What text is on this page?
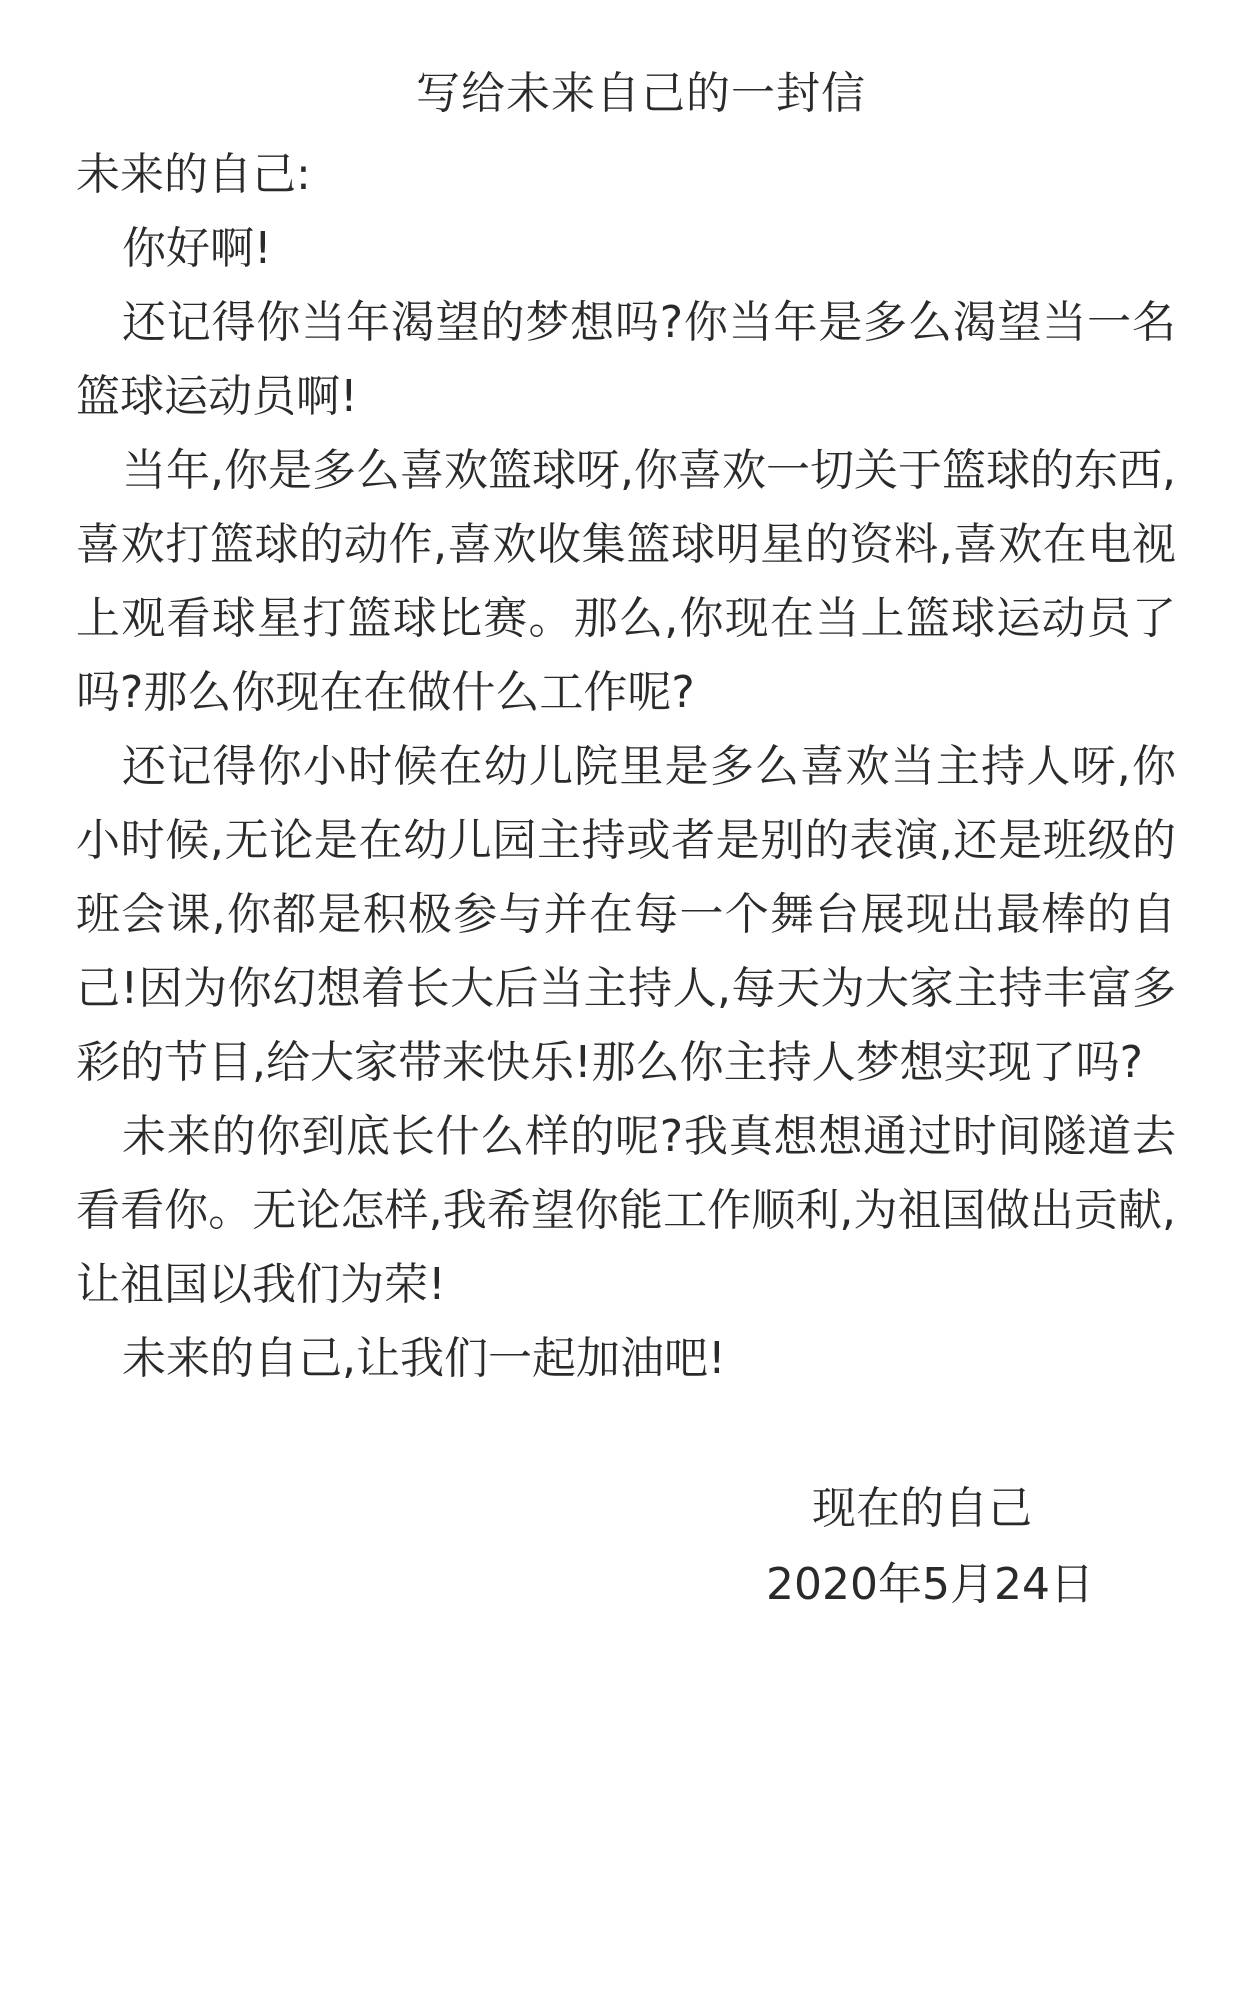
写给未来自己的一封信
未来的自己:

你好啊!

还记得你当年渴望的梦想吗?你当年是多么渴望当一名篮球运动员啊!

当年,你是多么喜欢篮球呀,你喜欢一切关于篮球的东西,喜欢打篮球的动作,喜欢收集篮球明星的资料,喜欢在电视上观看球星打篮球比赛。那么,你现在当上篮球运动员了吗?那么你现在在做什么工作呢?

还记得你小时候在幼儿院里是多么喜欢当主持人呀,你小时候,无论是在幼儿园主持或者是别的表演,还是班级的班会课,你都是积极参与并在每一个舞台展现出最棒的自己!因为你幻想着长大后当主持人,每天为大家主持丰富多彩的节目,给大家带来快乐!那么你主持人梦想实现了吗?

未来的你到底长什么样的呢?我真想想通过时间隧道去看看你。无论怎样,我希望你能工作顺利,为祖国做出贡献,让祖国以我们为荣!

未来的自己,让我们一起加油吧!

现在的自己
2020年5月24日
